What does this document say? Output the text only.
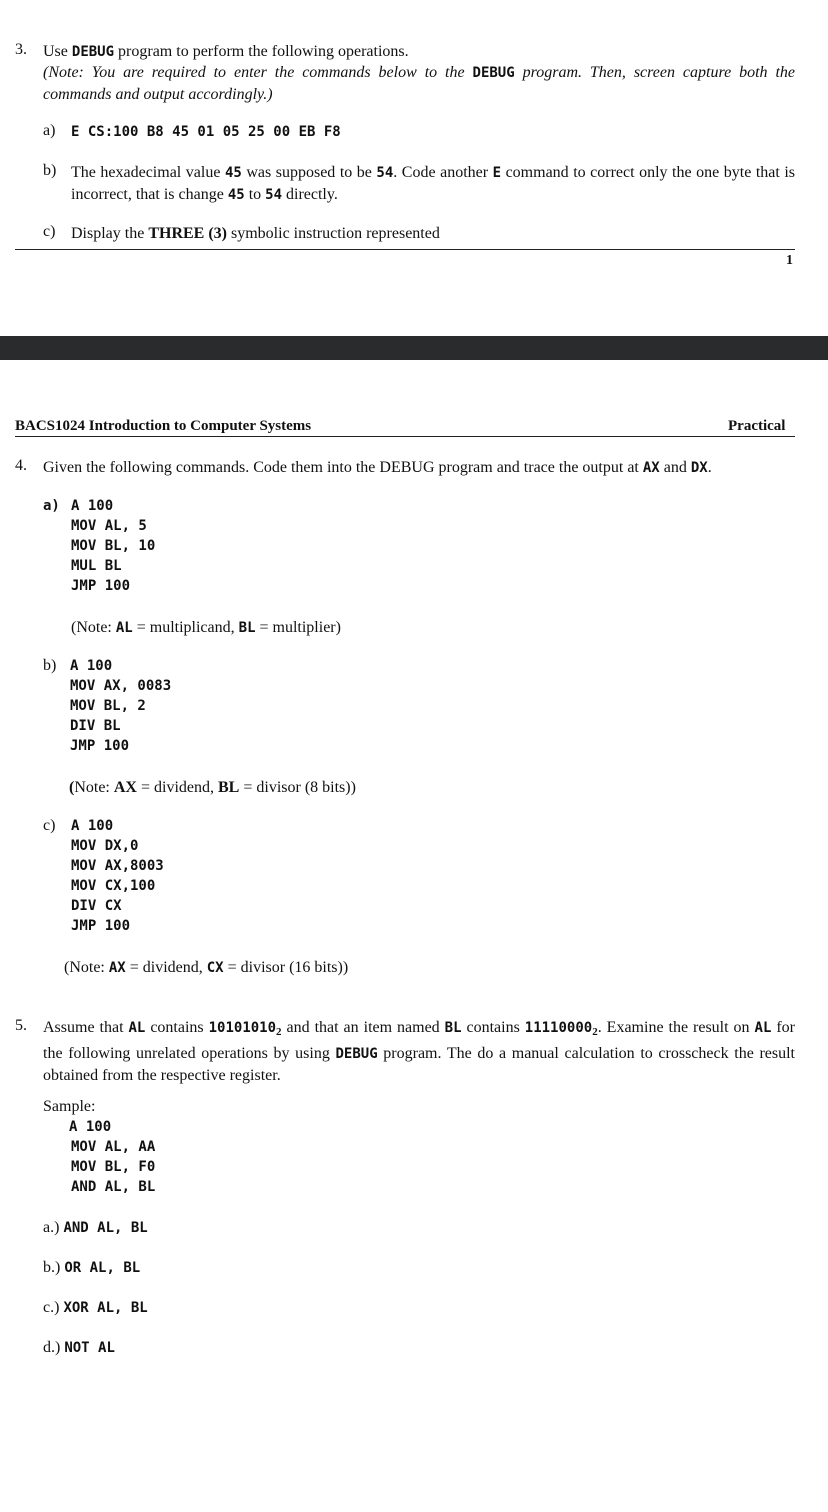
3. Use DEBUG program to perform the following operations.
(Note: You are required to enter the commands below to the DEBUG program. Then, screen capture both the commands and output accordingly.)
a) E CS:100 B8 45 01 05 25 00 EB F8
b) The hexadecimal value 45 was supposed to be 54. Code another E command to correct only the one byte that is incorrect, that is change 45 to 54 directly.
c) Display the THREE (3) symbolic instruction represented
1
BACS1024 Introduction to Computer Systems	Practical
4. Given the following commands. Code them into the DEBUG program and trace the output at AX and DX.
a) A 100
MOV AL, 5
MOV BL, 10
MUL BL
JMP 100
(Note: AL = multiplicand, BL = multiplier)
b) A 100
MOV AX, 0083
MOV BL, 2
DIV BL
JMP 100
(Note: AX = dividend, BL = divisor (8 bits))
c) A 100
MOV DX,0
MOV AX,8003
MOV CX,100
DIV CX
JMP 100
(Note: AX = dividend, CX = divisor (16 bits))
5. Assume that AL contains $10101010_2$ and that an item named BL contains $11110000_2$. Examine the result on AL for the following unrelated operations by using DEBUG program. The do a manual calculation to crosscheck the result obtained from the respective register.
Sample:
A 100
MOV AL, AA
MOV BL, F0
AND AL, BL
a.) AND AL, BL
b.) OR AL, BL
c.) XOR AL, BL
d.) NOT AL
